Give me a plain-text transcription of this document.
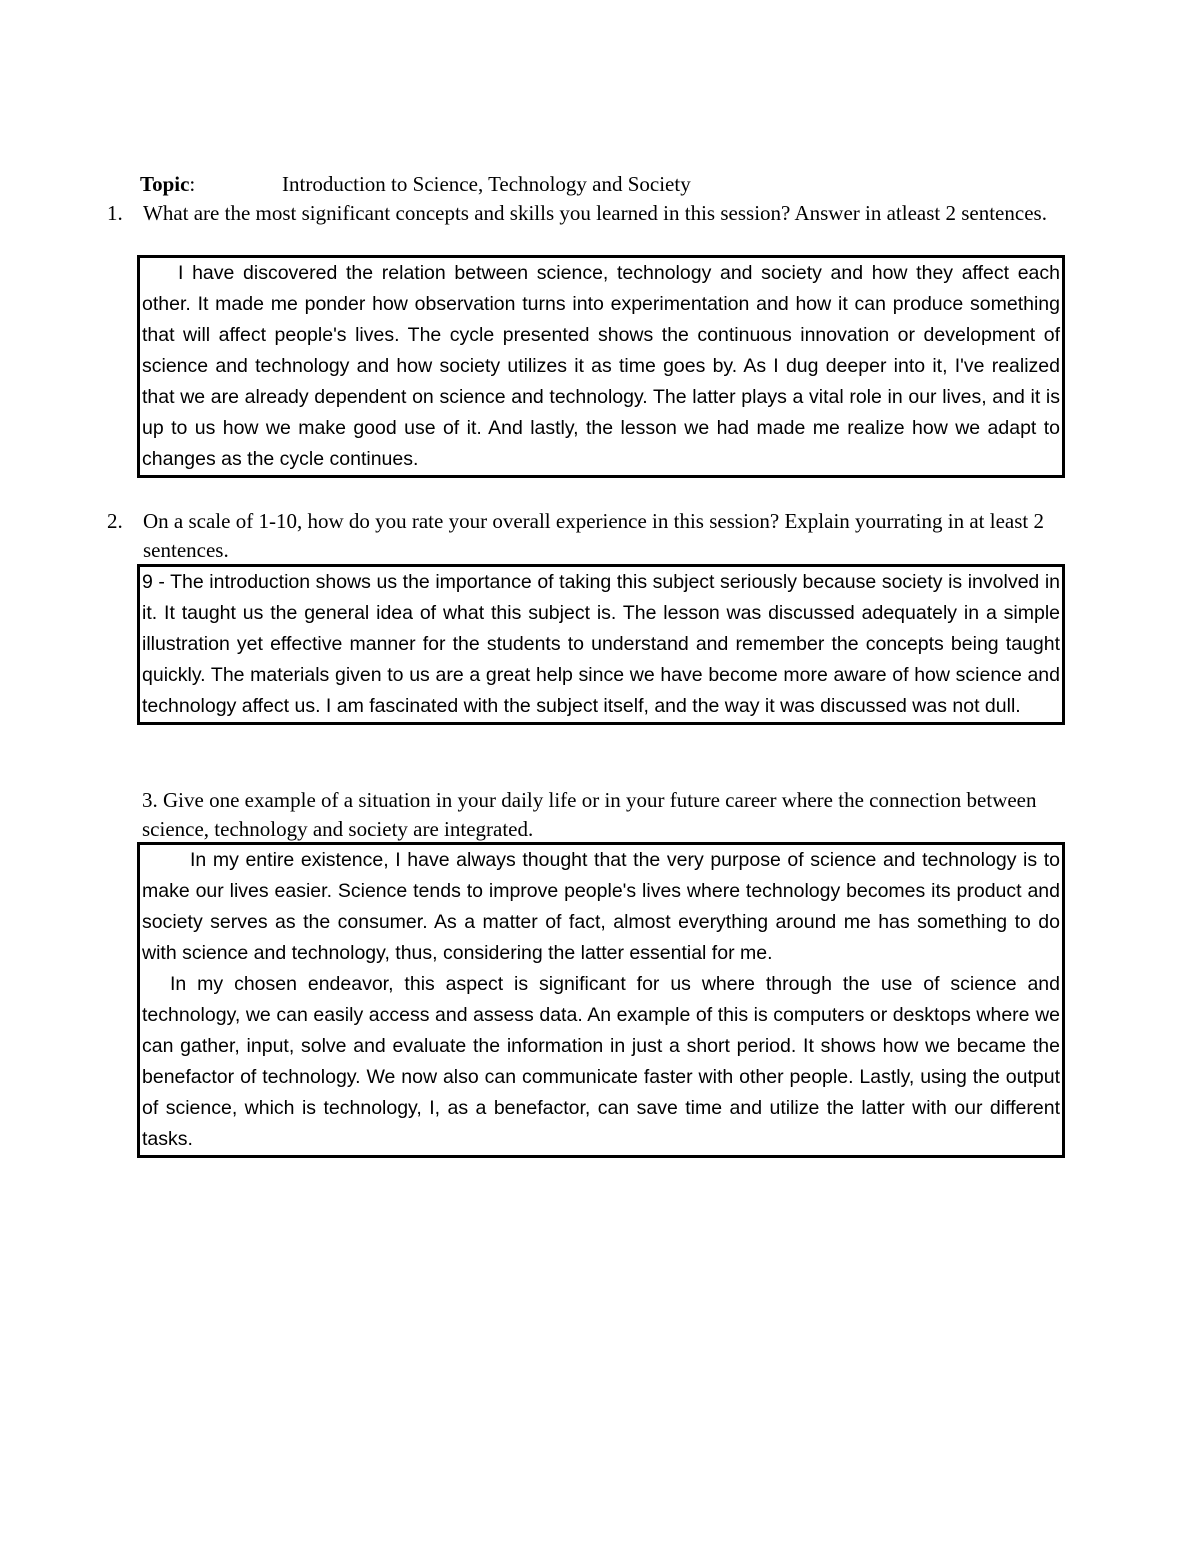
Topic:	Introduction to Science, Technology and Society
1. What are the most significant concepts and skills you learned in this session? Answer in atleast 2 sentences.

I have discovered the relation between science, technology and society and how they affect each other. It made me ponder how observation turns into experimentation and how it can produce something that will affect people's lives. The cycle presented shows the continuous innovation or development of science and technology and how society utilizes it as time goes by. As I dug deeper into it, I've realized that we are already dependent on science and technology. The latter plays a vital role in our lives, and it is up to us how we make good use of it. And lastly, the lesson we had made me realize how we adapt to changes as the cycle continues.

2. On a scale of 1-10, how do you rate your overall experience in this session? Explain yourrating in at least 2 sentences.

9 - The introduction shows us the importance of taking this subject seriously because society is involved in it. It taught us the general idea of what this subject is. The lesson was discussed adequately in a simple illustration yet effective manner for the students to understand and remember the concepts being taught quickly. The materials given to us are a great help since we have become more aware of how science and technology affect us. I am fascinated with the subject itself, and the way it was discussed was not dull.

3. Give one example of a situation in your daily life or in your future career where the connection between science, technology and society are integrated.

In my entire existence, I have always thought that the very purpose of science and technology is to make our lives easier. Science tends to improve people's lives where technology becomes its product and society serves as the consumer. As a matter of fact, almost everything around me has something to do with science and technology, thus, considering the latter essential for me.

In my chosen endeavor, this aspect is significant for us where through the use of science and technology, we can easily access and assess data. An example of this is computers or desktops where we can gather, input, solve and evaluate the information in just a short period. It shows how we became the benefactor of technology. We now also can communicate faster with other people. Lastly, using the output of science, which is technology, I, as a benefactor, can save time and utilize the latter with our different tasks.
